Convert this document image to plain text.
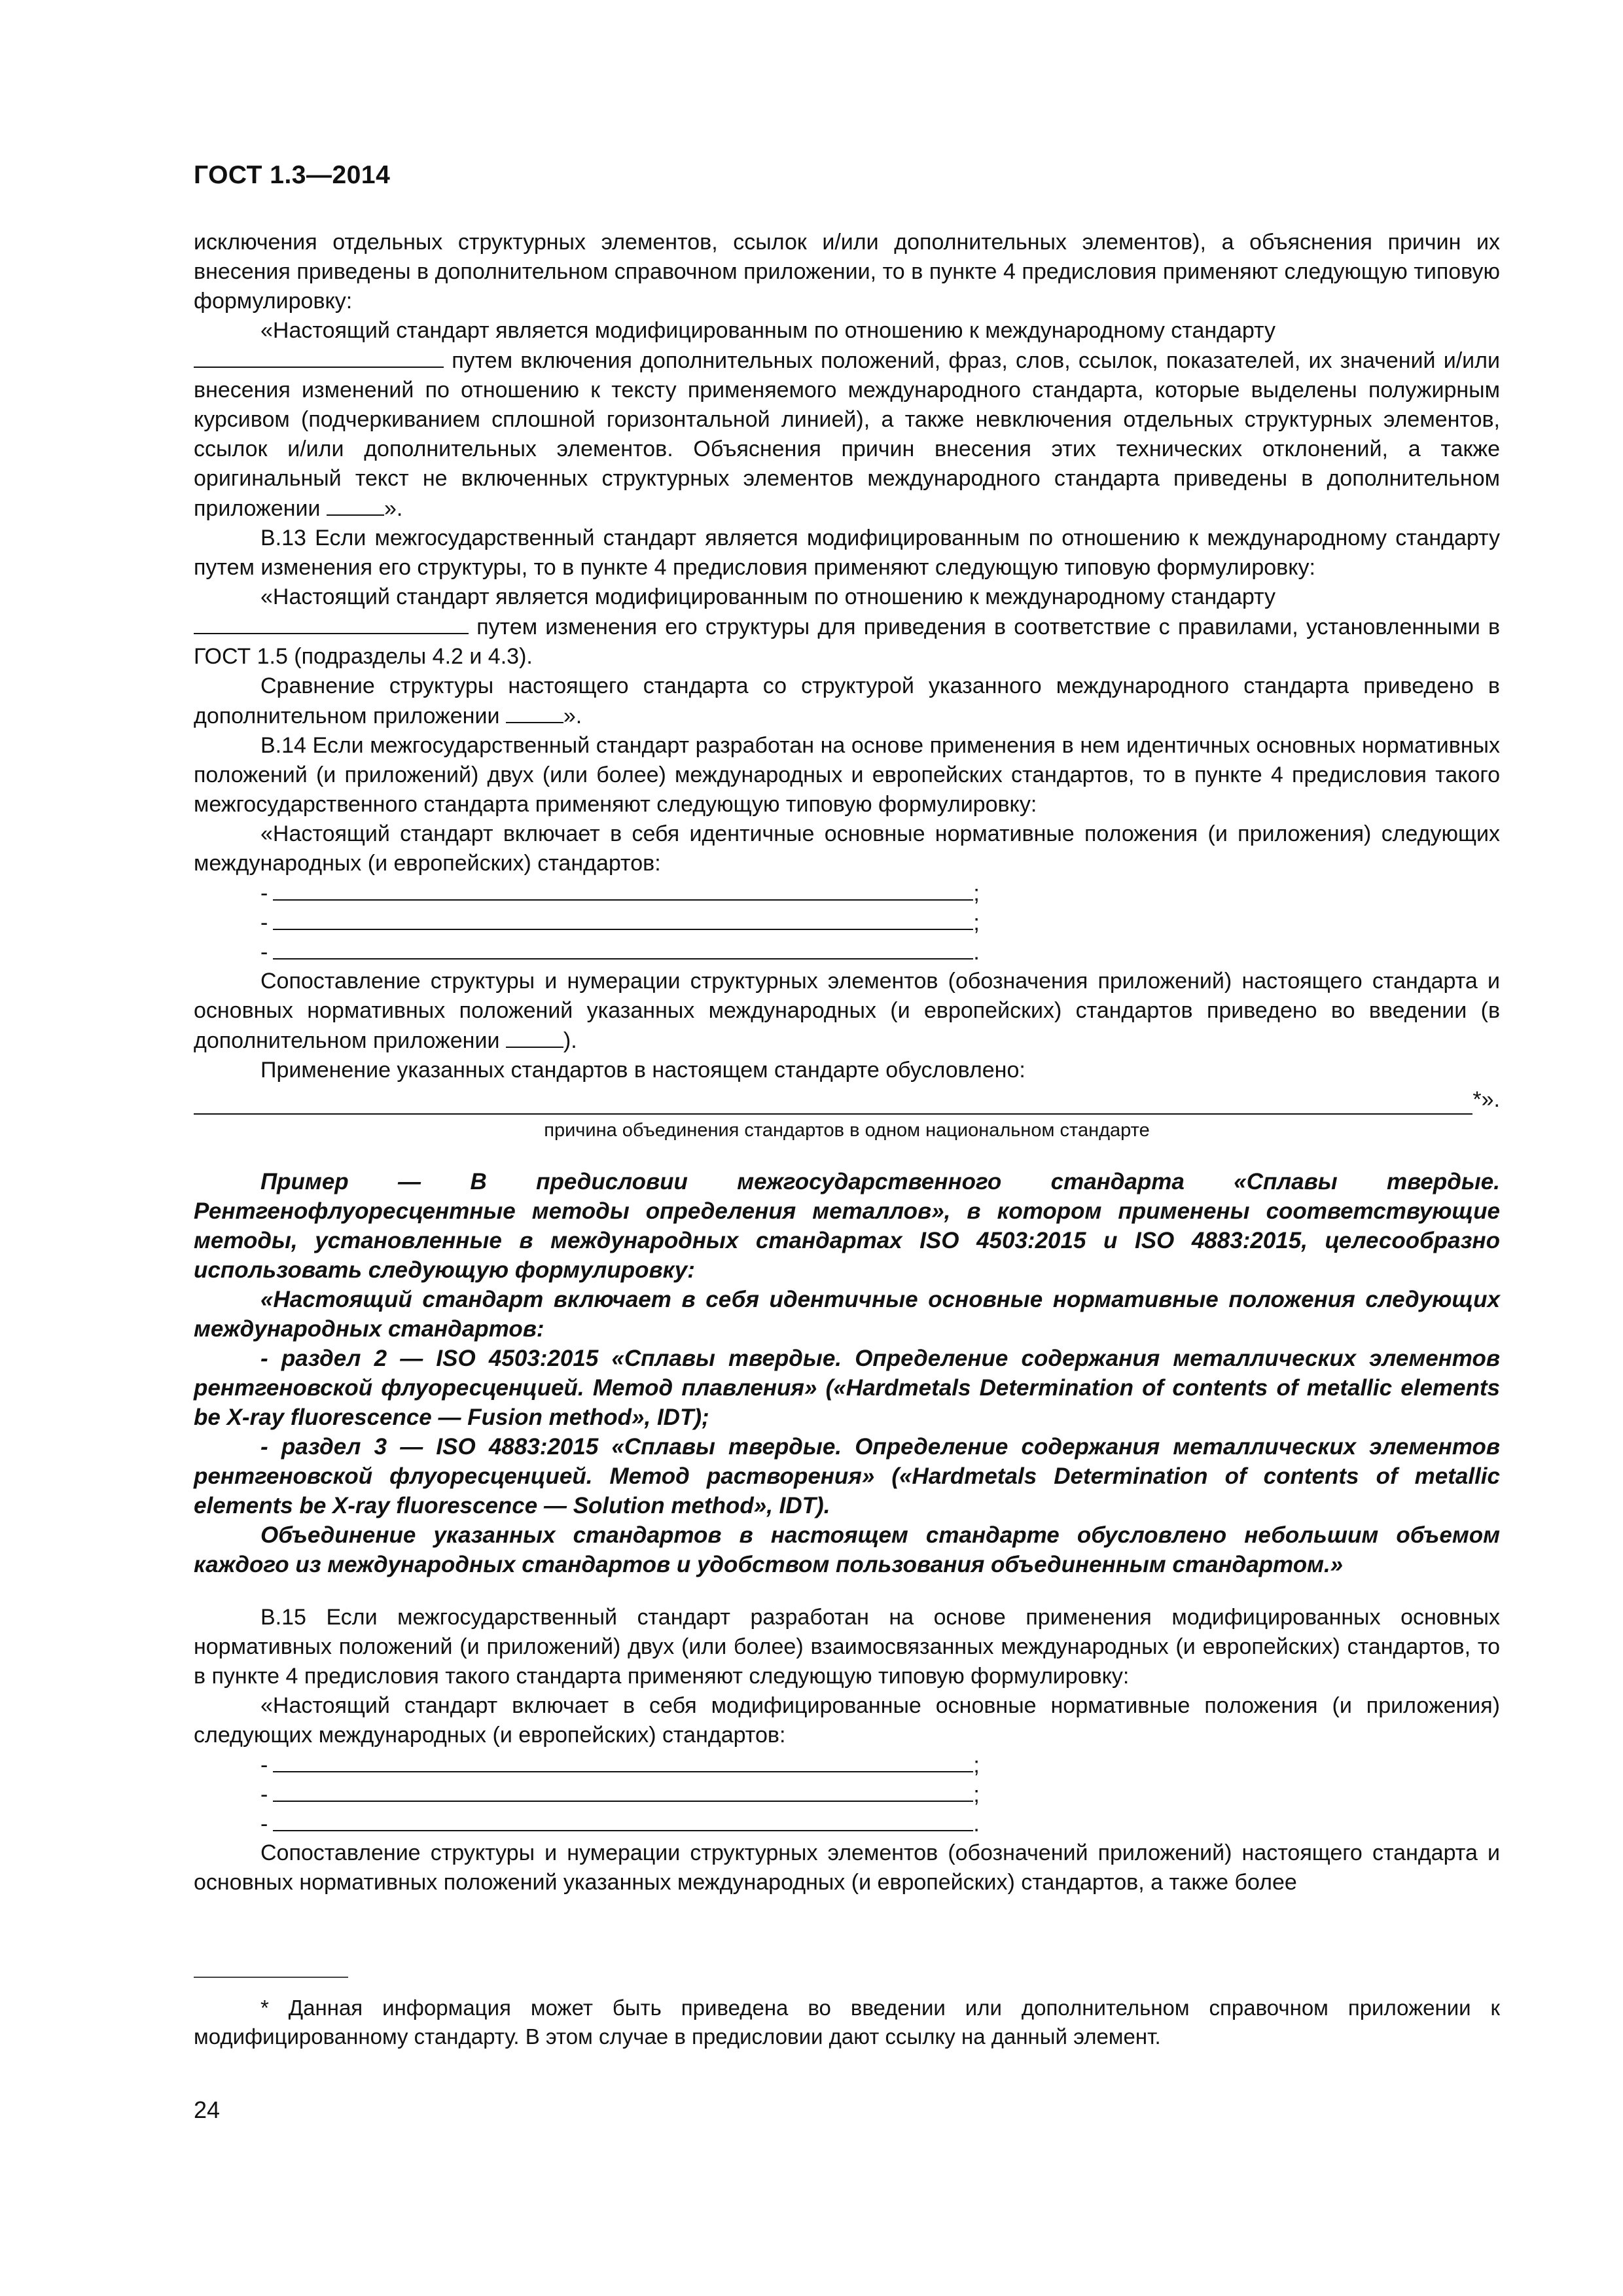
ГОСТ 1.3—2014

исключения отдельных структурных элементов, ссылок и/или дополнительных элементов), а объяснения причин их внесения приведены в дополнительном справочном приложении, то в пункте 4 предисловия применяют следующую типовую формулировку:

«Настоящий стандарт является модифицированным по отношению к международному стандарту

путем включения дополнительных положений, фраз, слов, ссылок, показателей, их значений и/или внесения изменений по отношению к тексту применяемого международного стандарта, которые выделены полужирным курсивом (подчеркиванием сплошной горизонтальной линией), а также невключения отдельных структурных элементов, ссылок и/или дополнительных элементов. Объяснения причин внесения этих технических отклонений, а также оригинальный текст не включенных структурных элементов международного стандарта приведены в дополнительном приложении	».

В.13 Если межгосударственный стандарт является модифицированным по отношению к международному стандарту путем изменения его структуры, то в пункте 4 предисловия применяют следующую типовую формулировку:

«Настоящий стандарт является модифицированным по отношению к международному стандарту

путем изменения его структуры для приведения в соответствие с правилами, установленными в ГОСТ 1.5 (подразделы 4.2 и 4.3).

Сравнение структуры настоящего стандарта со структурой указанного международного стандарта приведено в дополнительном приложении	».

В.14 Если межгосударственный стандарт разработан на основе применения в нем идентичных основных нормативных положений (и приложений) двух (или более) международных и европейских стандартов, то в пункте 4 предисловия такого межгосударственного стандарта применяют следующую типовую формулировку:

«Настоящий стандарт включает в себя идентичные основные нормативные положения (и приложения) следующих международных (и европейских) стандартов:

-	;
-	;
-	.

Сопоставление структуры и нумерации структурных элементов (обозначения приложений) настоящего стандарта и основных нормативных положений указанных международных (и европейских) стандартов приведено во введении (в дополнительном приложении	).

Применение указанных стандартов в настоящем стандарте обусловлено:

*».
причина объединения стандартов в одном национальном стандарте

Пример — В предисловии межгосударственного стандарта «Сплавы твердые. Рентгенофлуоресцентные методы определения металлов», в котором применены соответствующие методы, установленные в международных стандартах ISO 4503:2015 и ISO 4883:2015, целесообразно использовать следующую формулировку:

«Настоящий стандарт включает в себя идентичные основные нормативные положения следующих международных стандартов:

- раздел 2 — ISO 4503:2015 «Сплавы твердые. Определение содержания металлических элементов рентгеновской флуоресценцией. Метод плавления» («Hardmetals Determination of contents of metallic elements be X-ray fluorescence — Fusion method», IDT);

- раздел 3 — ISO 4883:2015 «Сплавы твердые. Определение содержания металлических элементов рентгеновской флуоресценцией. Метод растворения» («Hardmetals Determination of contents of metallic elements be X-ray fluorescence — Solution method», IDT).

Объединение указанных стандартов в настоящем стандарте обусловлено небольшим объемом каждого из международных стандартов и удобством пользования объединенным стандартом.»

В.15 Если межгосударственный стандарт разработан на основе применения модифицированных основных нормативных положений (и приложений) двух (или более) взаимосвязанных международных (и европейских) стандартов, то в пункте 4 предисловия такого стандарта применяют следующую типовую формулировку:

«Настоящий стандарт включает в себя модифицированные основные нормативные положения (и приложения) следующих международных (и европейских) стандартов:

-	;
-	;
-	.

Сопоставление структуры и нумерации структурных элементов (обозначений приложений) настоящего стандарта и основных нормативных положений указанных международных (и европейских) стандартов, а также более

* Данная информация может быть приведена во введении или дополнительном справочном приложении к модифицированному стандарту. В этом случае в предисловии дают ссылку на данный элемент.
24
